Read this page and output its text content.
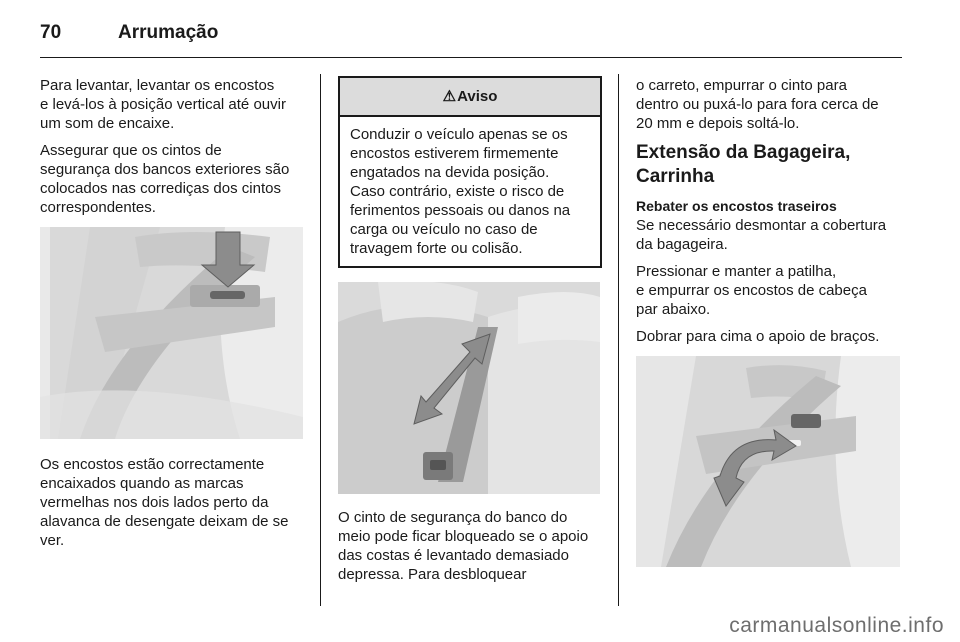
70	Arrumação

Para levantar, levantar os encostos
e levá-los à posição vertical até ouvir
um som de encaixe.

Assegurar que os cintos de
segurança dos bancos exteriores são
colocados nas corrediças dos cintos
correspondentes.

Os encostos estão correctamente
encaixados quando as marcas
vermelhas nos dois lados perto da
alavanca de desengate deixam de se
ver.

⚠Aviso
Conduzir o veículo apenas se os
encostos estiverem firmemente
engatados na devida posição.
Caso contrário, existe o risco de
ferimentos pessoais ou danos na
carga ou veículo no caso de
travagem forte ou colisão.

O cinto de segurança do banco do
meio pode ficar bloqueado se o apoio
das costas é levantado demasiado
depressa. Para desbloquear

o carreto, empurrar o cinto para
dentro ou puxá-lo para fora cerca de
20 mm e depois soltá-lo.

Extensão da Bagageira,
Carrinha
Rebater os encostos traseiros

Se necessário desmontar a cobertura
da bagageira.

Pressionar e manter a patilha,
e empurrar os encostos de cabeça
par abaixo.

Dobrar para cima o apoio de braços.

carmanualsonline.info
